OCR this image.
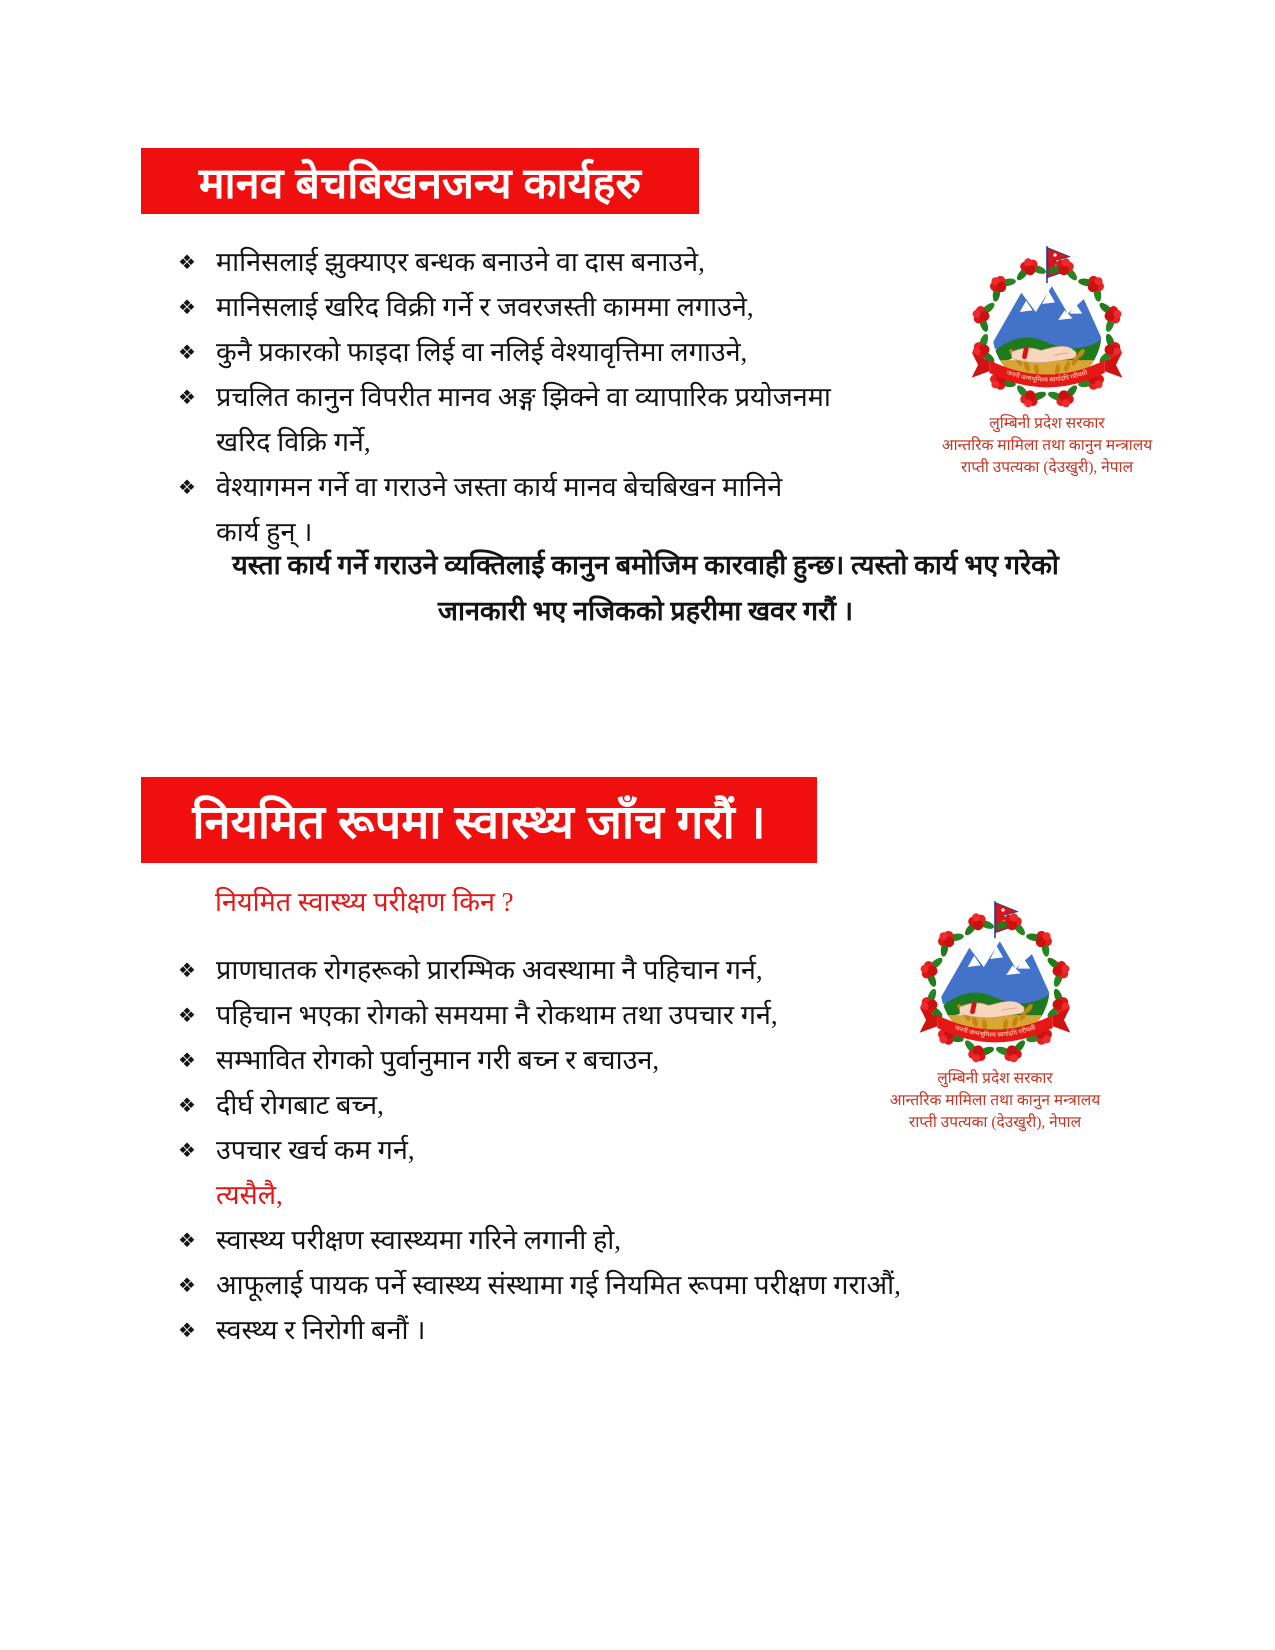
मानव बेचबिखनजन्य कार्यहरु
❖ मानिसलाई झुक्याएर बन्धक बनाउने वा दास बनाउने,
❖ मानिसलाई खरिद विक्री गर्ने र जवरजस्ती काममा लगाउने,
❖ कुनै प्रकारको फाइदा लिई वा नलिई वेश्यावृत्तिमा लगाउने,
❖ प्रचलित कानुन विपरीत मानव अङ्ग झिक्ने वा व्यापारिक प्रयोजनमा
खरिद विक्रि गर्ने,
❖ वेश्यागमन गर्ने वा गराउने जस्ता कार्य मानव बेचबिखन मानिने
कार्य हुन् ।
लुम्बिनी प्रदेश सरकार
आन्तरिक मामिला तथा कानुन मन्त्रालय
राप्ती उपत्यका (देउखुरी), नेपाल
यस्ता कार्य गर्ने गराउने व्यक्तिलाई कानुन बमोजिम कारवाही हुन्छ। त्यस्तो कार्य भए गरेको
जानकारी भए नजिकको प्रहरीमा खवर गरौं ।
नियमित रूपमा स्वास्थ्य जाँच गरौं ।
नियमित स्वास्थ्य परीक्षण किन ?
लुम्बिनी प्रदेश सरकार
आन्तरिक मामिला तथा कानुन मन्त्रालय
राप्ती उपत्यका (देउखुरी), नेपाल
❖ प्राणघातक रोगहरूको प्रारम्भिक अवस्थामा नै पहिचान गर्न,
❖ पहिचान भएका रोगको समयमा नै रोकथाम तथा उपचार गर्न,
❖ सम्भावित रोगको पुर्वानुमान गरी बच्न र बचाउन,
❖ दीर्घ रोगबाट बच्न,
❖ उपचार खर्च कम गर्न,
त्यसैलै,
❖ स्वास्थ्य परीक्षण स्वास्थ्यमा गरिने लगानी हो,
❖ आफूलाई पायक पर्ने स्वास्थ्य संस्थामा गई नियमित रूपमा परीक्षण गराऔं,
❖ स्वस्थ्य र निरोगी बनौं ।
